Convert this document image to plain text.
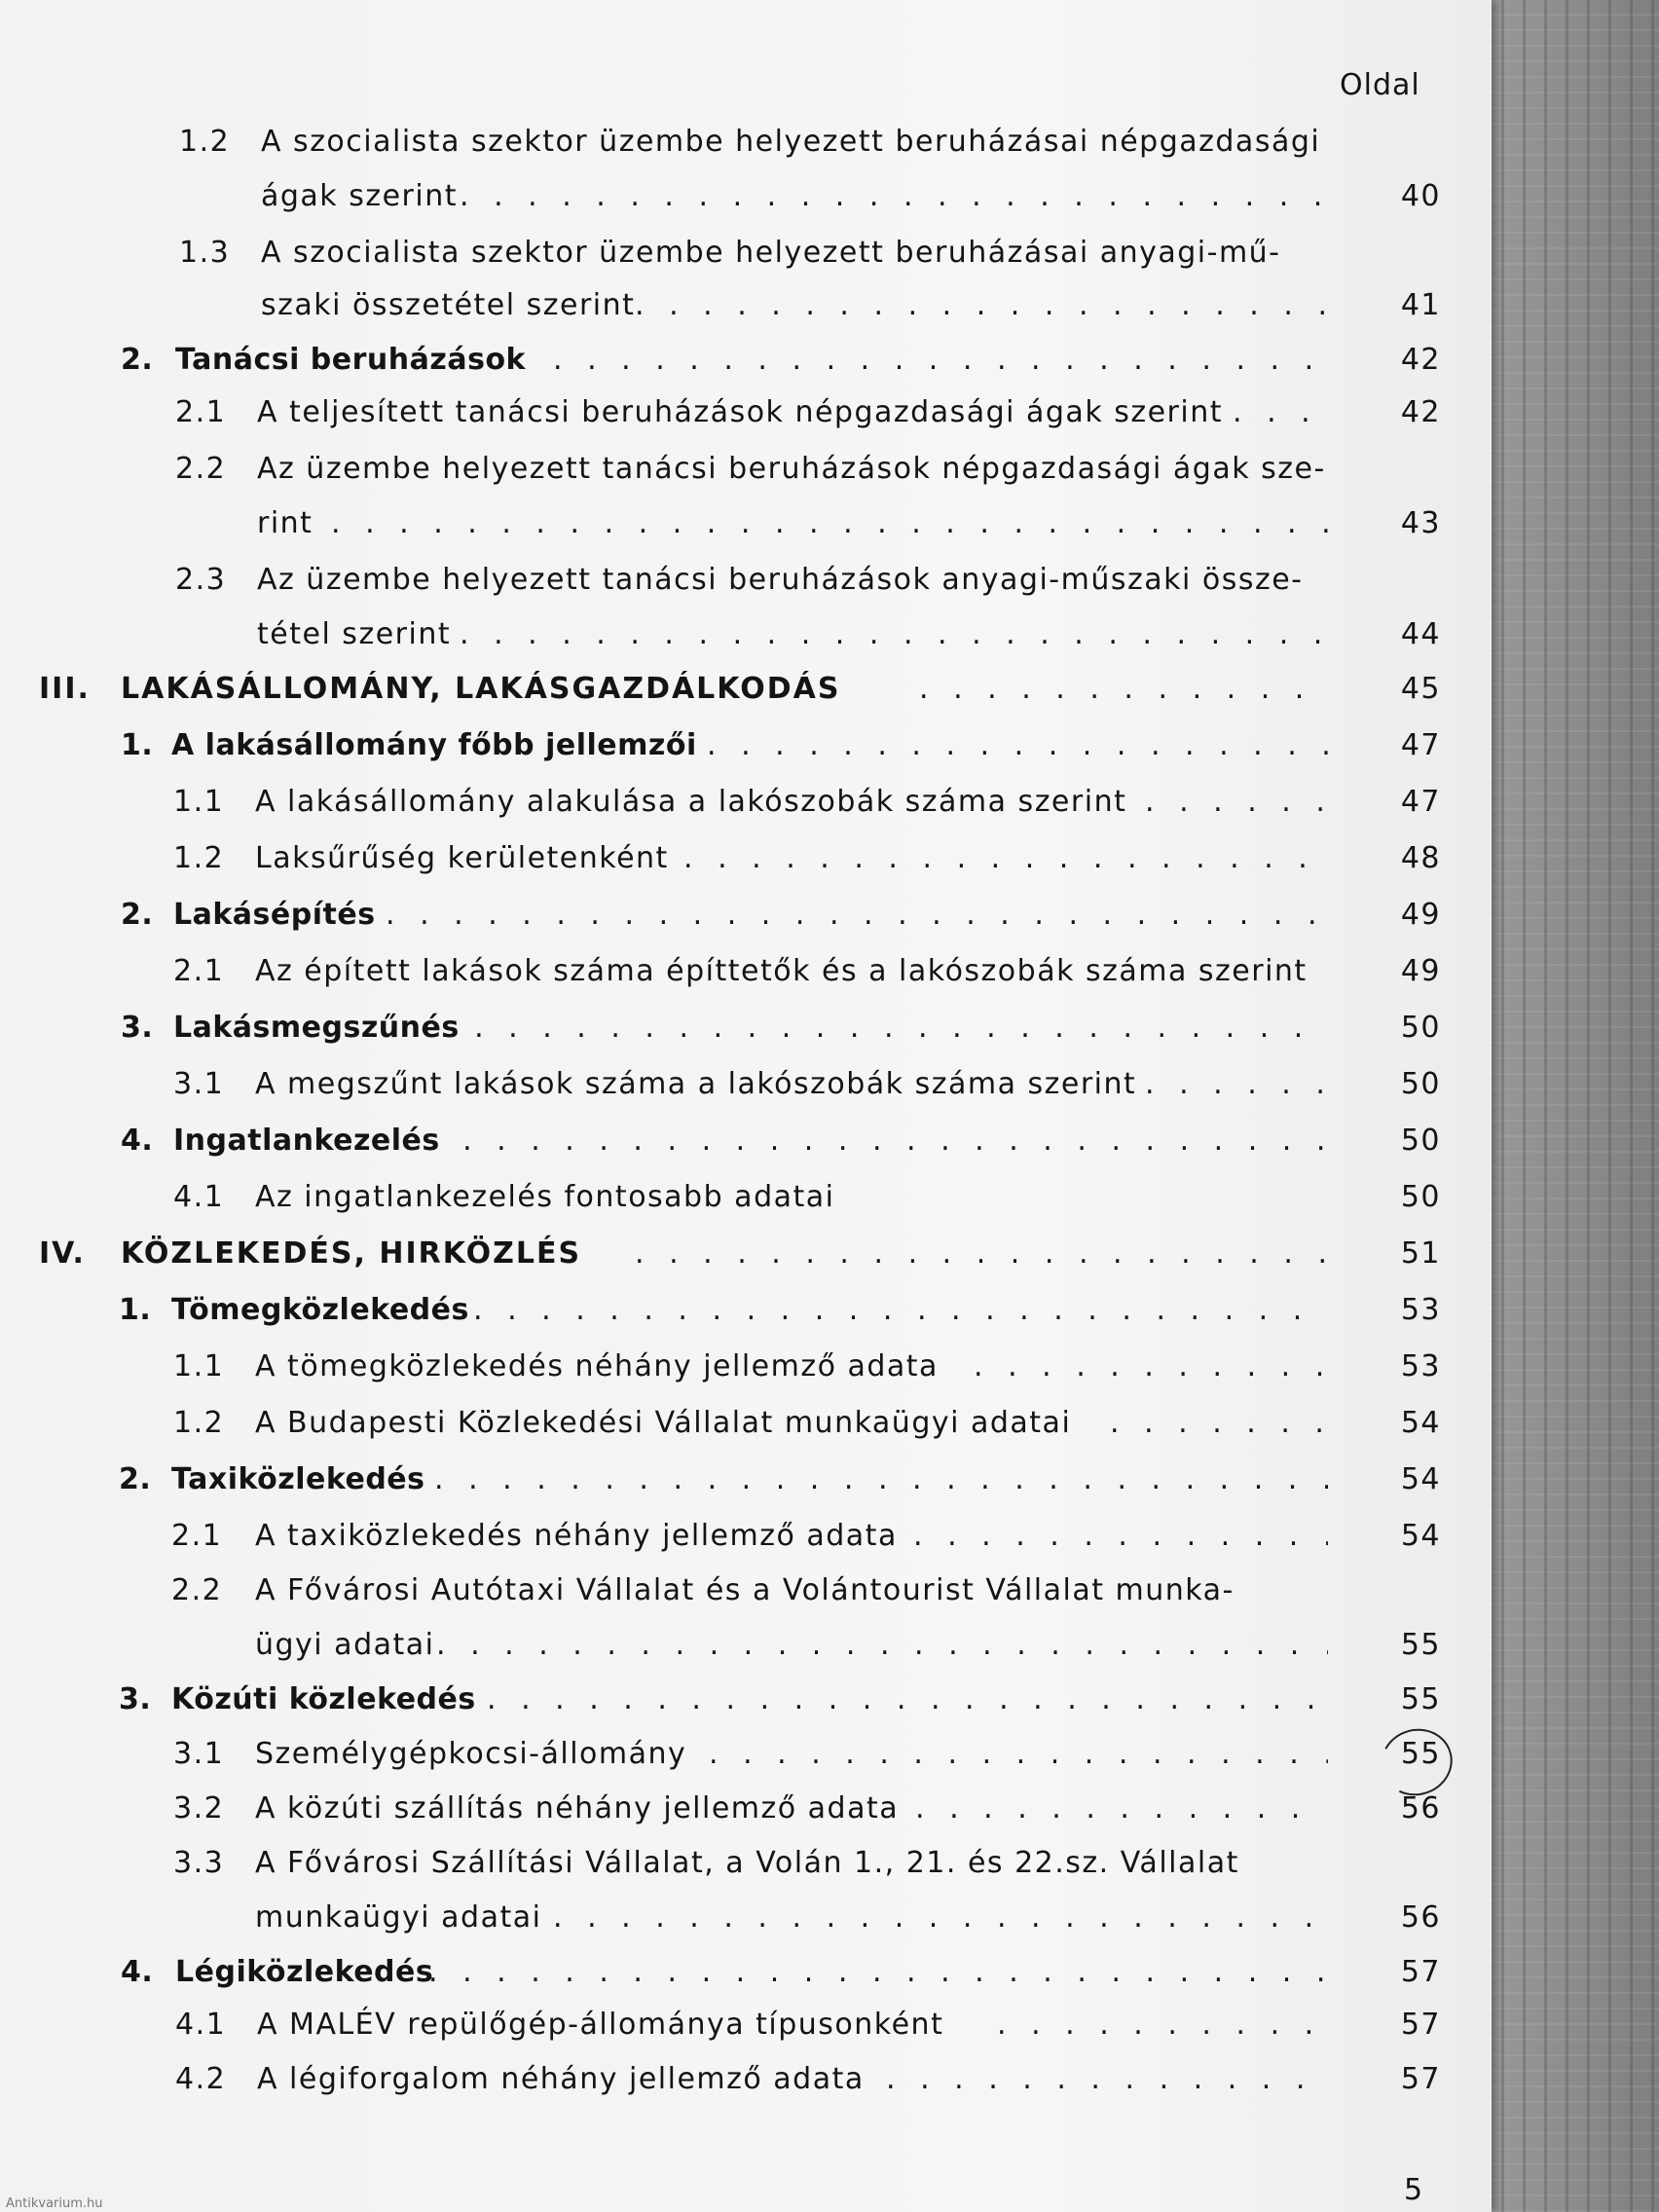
Oldal
1.2 A szocialista szektor üzembe helyezett beruházásai népgazdasági
ágak szerint . . .	40
1.3 A szocialista szektor üzembe helyezett beruházásai anyagi-mű-
szaki összetétel szerint . . .	41
2. Tanácsi beruházások . . .	42
2.1 A teljesített tanácsi beruházások népgazdasági ágak szerint . . .	42
2.2 Az üzembe helyezett tanácsi beruházások népgazdasági ágak sze-
rint . . .	43
2.3 Az üzembe helyezett tanácsi beruházások anyagi-műszaki össze-
tétel szerint . . .	44
III. LAKÁSÁLLOMÁNY, LAKÁSGAZDÁLKODÁS . . .	45
1. A lakásállomány főbb jellemzői . . .	47
1.1 A lakásállomány alakulása a lakószobák száma szerint . . .	47
1.2 Laksűrűség kerületenként . . .	48
2. Lakásépítés . . .	49
2.1 Az épített lakások száma építtetők és a lakószobák száma szerint	49
3. Lakásmegszűnés . . .	50
3.1 A megszűnt lakások száma a lakószobák száma szerint . . .	50
4. Ingatlankezelés . . .	50
4.1 Az ingatlankezelés fontosabb adatai	50
IV. KÖZLEKEDÉS, HIRKÖZLÉS . . .	51
1. Tömegközlekedés . . .	53
1.1 A tömegközlekedés néhány jellemző adata . . .	53
1.2 A Budapesti Közlekedési Vállalat munkaügyi adatai . . .	54
2. Taxiközlekedés . . .	54
2.1 A taxiközlekedés néhány jellemző adata . . .	54
2.2 A Fővárosi Autótaxi Vállalat és a Volántourist Vállalat munka-
ügyi adatai . . .	55
3. Közúti közlekedés . . .	55
3.1 Személygépkocsi-állomány . . .	55
3.2 A közúti szállítás néhány jellemző adata . . .	56
3.3 A Fővárosi Szállítási Vállalat, a Volán 1., 21. és 22.sz. Vállalat
munkaügyi adatai . . .	56
4. Légiközlekedés . . .	57
4.1 A MALÉV repülőgép-állománya típusonként . . .	57
4.2 A légiforgalom néhány jellemző adata . . .	57
5
Antikvarium.hu
